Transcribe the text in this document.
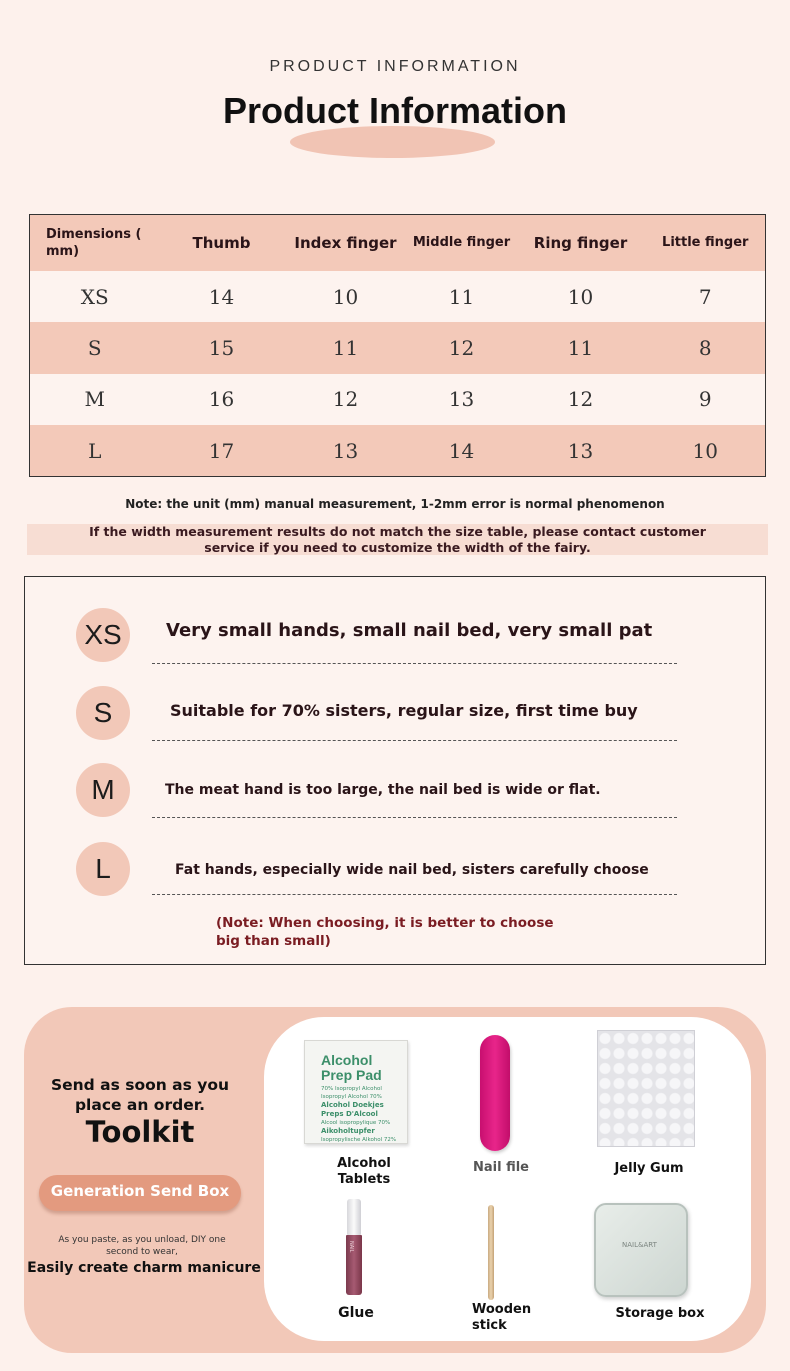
PRODUCT INFORMATION
Product Information
Dimensions ( mm)	Thumb	Index finger	Middle finger	Ring finger	Little finger
XS	14	10	11	10	7
S	15	11	12	11	8
M	16	12	13	12	9
L	17	13	14	13	10
Note: the unit (mm) manual measurement, 1-2mm error is normal phenomenon
If the width measurement results do not match the size table, please contact customer service if you need to customize the width of the fairy.
XS	Very small hands, small nail bed, very small pat
S	Suitable for 70% sisters, regular size, first time buy
M	The meat hand is too large, the nail bed is wide or flat.
L	Fat hands, especially wide nail bed, sisters carefully choose
(Note: When choosing, it is better to choose big than small)
Send as soon as you place an order.
Toolkit
Generation Send Box
As you paste, as you unload, DIY one second to wear,
Easily create charm manicure
Alcohol
Prep Pad
70% Isopropyl Alcohol
Isopropyl Alcohol 70%
Alcohol Doekjes
Preps D'Alcool
Alcool isopropylique 70%
Aikoholtupfer
Isopropylische Alkohol 72%
Alcohol Tablets
Nail file	Jelly Gum
NAIL
Glue	Wooden stick
NAIL&ART
Storage box
